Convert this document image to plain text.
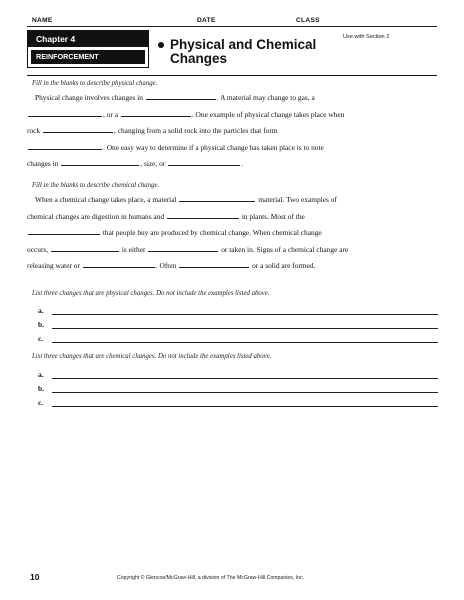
NAME	DATE	CLASS
Chapter 4
REINFORCEMENT
Use with Section 2
Physical and Chemical
Changes
Fill in the blanks to describe physical change.

Physical change involves changes in	. A material may change to gas, a

, or a	. One example of physical change takes place when

rock	, changing from a solid rock into the particles that form

. One easy way to determine if a physical change has taken place is to note

changes in	, size, or	.

Fill in the blanks to describe chemical change.

When a chemical change takes place, a material	material. Two examples of

chemical changes are digestion in humans and	in plants. Most of the

that people buy are produced by chemical change. When chemical change

occurs,	is either	or taken in. Signs of a chemical change are

releasing water or	. Often	or a solid are formed.

List three changes that are physical changes. Do not include the examples listed above.
a.
b.
c.
List three changes that are chemical changes. Do not include the examples listed above.
a.
b.
c.
10	Copyright © Glencoe/McGraw-Hill, a division of The McGraw-Hill Companies, Inc.
